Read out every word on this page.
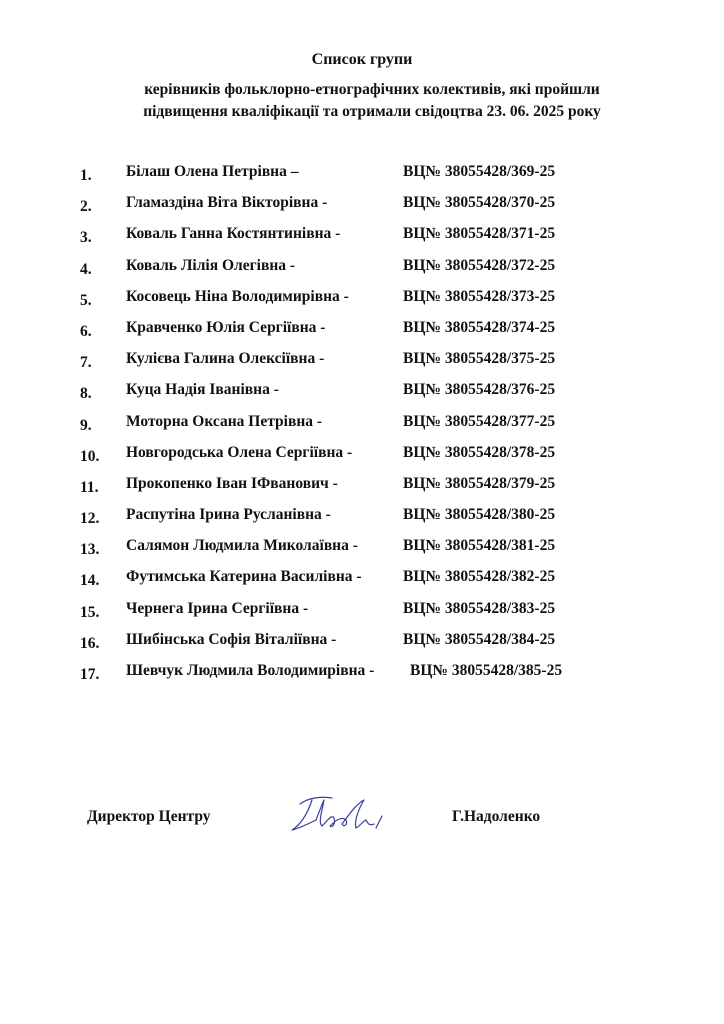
Список групи
керівників фольклорно-етнографічних колективів, які пройшли
підвищення кваліфікації та отримали свідоцтва 23. 06. 2025 року
1. Білаш Олена Петрівна –	ВЦ№ 38055428/369-25
2. Гламаздіна Віта Вікторівна -	ВЦ№ 38055428/370-25
3. Коваль Ганна Костянтинівна -	ВЦ№ 38055428/371-25
4. Коваль Лілія Олегівна -	ВЦ№ 38055428/372-25
5. Косовець Ніна Володимирівна -	ВЦ№ 38055428/373-25
6. Кравченко Юлія Сергіївна -	ВЦ№ 38055428/374-25
7. Кулієва Галина Олексіївна -	ВЦ№ 38055428/375-25
8. Куца Надія Іванівна -	ВЦ№ 38055428/376-25
9. Моторна Оксана Петрівна -	ВЦ№ 38055428/377-25
10. Новгородська Олена Сергіївна -	ВЦ№ 38055428/378-25
11. Прокопенко Іван ІФванович -	ВЦ№ 38055428/379-25
12. Распутіна Ірина Русланівна -	ВЦ№ 38055428/380-25
13. Салямон Людмила Миколаївна -	ВЦ№ 38055428/381-25
14. Футимська Катерина Василівна -	ВЦ№ 38055428/382-25
15. Чернега Ірина Сергіївна -	ВЦ№ 38055428/383-25
16. Шибінська Софія Віталіївна -	ВЦ№ 38055428/384-25
17. Шевчук Людмила Володимирівна - ВЦ№ 38055428/385-25
Директор Центру	Г.Надоленко
